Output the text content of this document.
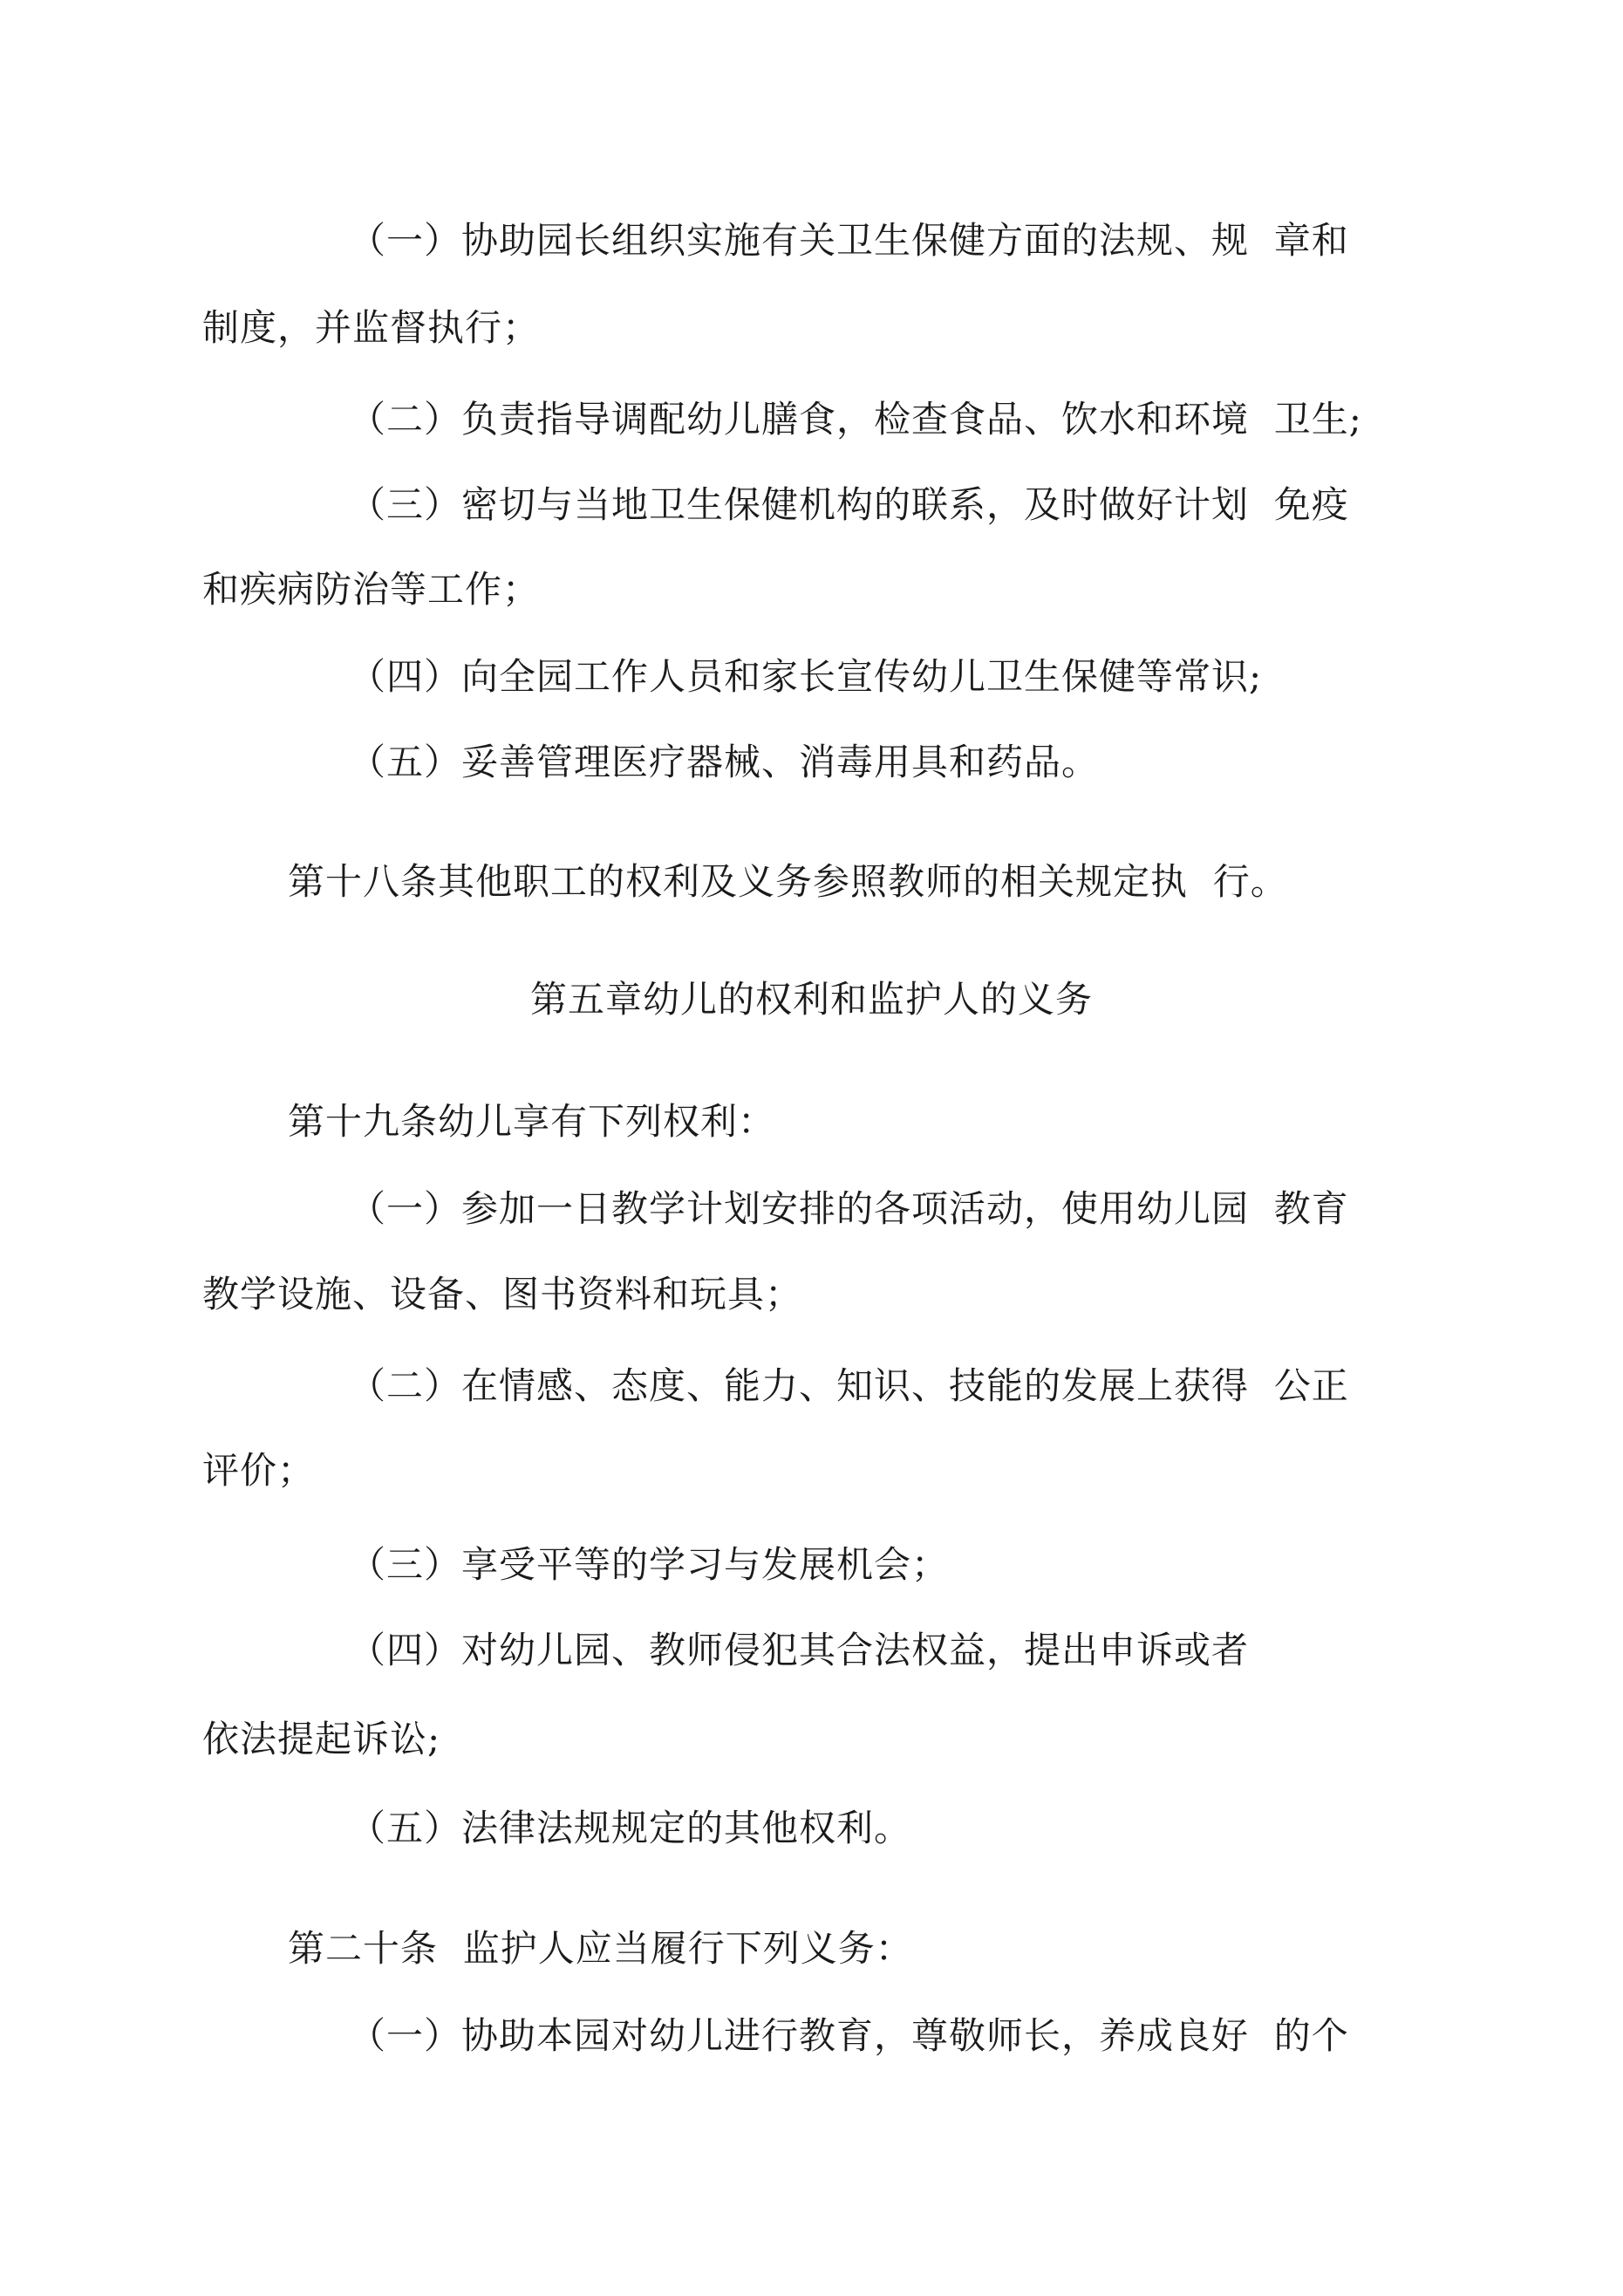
（一）协助园长组织实施有关卫生保健方面的法规、规  章和
制度，并监督执行；
（二）负责指导调配幼儿膳食，检查食品、饮水和环境  卫生;
（三）密切与当地卫生保健机构的联系，及时做好计划  免疫
和疾病防治等工作；
（四）向全园工作人员和家长宣传幼儿卫生保健等常识;
（五）妥善管理医疗器械、消毒用具和药品。
第十八条其他职工的权利及义务参照教师的相关规定执  行。
第五章幼儿的权利和监护人的义务
第十九条幼儿享有下列权利：
（一）参加一日教学计划安排的各项活动，使用幼儿园  教育
教学设施、设备、图书资料和玩具；
（二）在情感、态度、能力、知识、技能的发展上获得  公正
评价；
（三）享受平等的学习与发展机会；
（四）对幼儿园、教师侵犯其合法权益，提出申诉或者
依法提起诉讼;
（五）法律法规规定的其他权利。
第二十条  监护人应当履行下列义务：
（一）协助本园对幼儿进行教育，尊敬师长，养成良好  的个
